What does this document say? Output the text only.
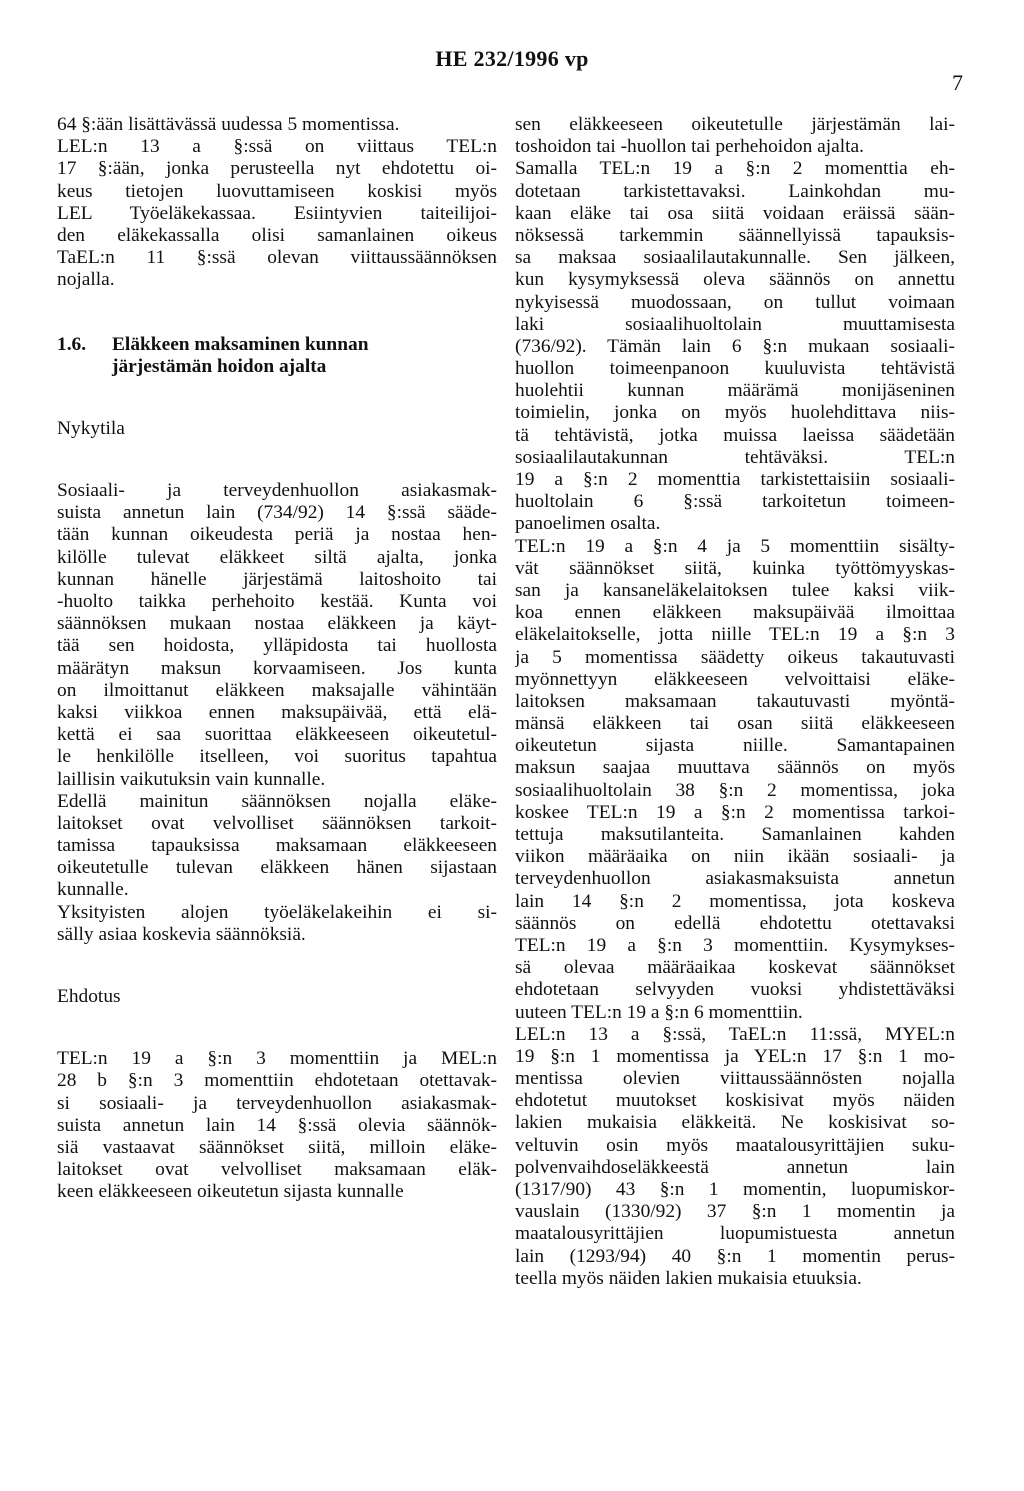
HE 232/1996 vp
7
64 §:ään lisättävässä uudessa 5 momentissa.
LEL:n 13 a §:ssä on viittaus TEL:n
17 §:ään, jonka perusteella nyt ehdotettu oi-
keus tietojen luovuttamiseen koskisi myös
LEL Työeläkekassaa. Esiintyvien taiteilijoi-
den eläkekassalla olisi samanlainen oikeus
TaEL:n 11 §:ssä olevan viittaussäännöksen
nojalla.
1.6. Eläkkeen maksaminen kunnan
järjestämän hoidon ajalta
Nykytila
Sosiaali- ja terveydenhuollon asiakasmak-
suista annetun lain (734/92) 14 §:ssä sääde-
tään kunnan oikeudesta periä ja nostaa hen-
kilölle tulevat eläkkeet siltä ajalta, jonka
kunnan hänelle järjestämä laitoshoito tai
-huolto taikka perhehoito kestää. Kunta voi
säännöksen mukaan nostaa eläkkeen ja käyt-
tää sen hoidosta, ylläpidosta tai huollosta
määrätyn maksun korvaamiseen. Jos kunta
on ilmoittanut eläkkeen maksajalle vähintään
kaksi viikkoa ennen maksupäivää, että elä-
kettä ei saa suorittaa eläkkeeseen oikeutetul-
le henkilölle itselleen, voi suoritus tapahtua
laillisin vaikutuksin vain kunnalle.
Edellä mainitun säännöksen nojalla eläke-
laitokset ovat velvolliset säännöksen tarkoit-
tamissa tapauksissa maksamaan eläkkeeseen
oikeutetulle tulevan eläkkeen hänen sijastaan
kunnalle.
Yksityisten alojen työeläkelakeihin ei si-
sälly asiaa koskevia säännöksiä.
Ehdotus
TEL:n 19 a §:n 3 momenttiin ja MEL:n
28 b §:n 3 momenttiin ehdotetaan otettavak-
si sosiaali- ja terveydenhuollon asiakasmak-
suista annetun lain 14 §:ssä olevia säännök-
siä vastaavat säännökset siitä, milloin eläke-
laitokset ovat velvolliset maksamaan eläk-
keen eläkkeeseen oikeutetun sijasta kunnalle
sen eläkkeeseen oikeutetulle järjestämän lai-
toshoidon tai -huollon tai perhehoidon ajalta.
Samalla TEL:n 19 a §:n 2 momenttia eh-
dotetaan tarkistettavaksi. Lainkohdan mu-
kaan eläke tai osa siitä voidaan eräissä sään-
nöksessä tarkemmin säännellyissä tapauksis-
sa maksaa sosiaalilautakunnalle. Sen jälkeen,
kun kysymyksessä oleva säännös on annettu
nykyisessä muodossaan, on tullut voimaan
laki sosiaalihuoltolain muuttamisesta
(736/92). Tämän lain 6 §:n mukaan sosiaali-
huollon toimeenpanoon kuuluvista tehtävistä
huolehtii kunnan määrämä monijäseninen
toimielin, jonka on myös huolehdittava niis-
tä tehtävistä, jotka muissa laeissa säädetään
sosiaalilautakunnan tehtäväksi. TEL:n
19 a §:n 2 momenttia tarkistettaisiin sosiaali-
huoltolain 6 §:ssä tarkoitetun toimeen-
panoelimen osalta.
TEL:n 19 a §:n 4 ja 5 momenttiin sisälty-
vät säännökset siitä, kuinka työttömyyskas-
san ja kansaneläkelaitoksen tulee kaksi viik-
koa ennen eläkkeen maksupäivää ilmoittaa
eläkelaitokselle, jotta niille TEL:n 19 a §:n 3
ja 5 momentissa säädetty oikeus takautuvasti
myönnettyyn eläkkeeseen velvoittaisi eläke-
laitoksen maksamaan takautuvasti myöntä-
mänsä eläkkeen tai osan siitä eläkkeeseen
oikeutetun sijasta niille. Samantapainen
maksun saajaa muuttava säännös on myös
sosiaalihuoltolain 38 §:n 2 momentissa, joka
koskee TEL:n 19 a §:n 2 momentissa tarkoi-
tettuja maksutilanteita. Samanlainen kahden
viikon määräaika on niin ikään sosiaali- ja
terveydenhuollon asiakasmaksuista annetun
lain 14 §:n 2 momentissa, jota koskeva
säännös on edellä ehdotettu otettavaksi
TEL:n 19 a §:n 3 momenttiin. Kysymykses-
sä olevaa määräaikaa koskevat säännökset
ehdotetaan selvyyden vuoksi yhdistettäväksi
uuteen TEL:n 19 a §:n 6 momenttiin.
LEL:n 13 a §:ssä, TaEL:n 11:ssä, MYEL:n
19 §:n 1 momentissa ja YEL:n 17 §:n 1 mo-
mentissa olevien viittaussäännösten nojalla
ehdotetut muutokset koskisivat myös näiden
lakien mukaisia eläkkeitä. Ne koskisivat so-
veltuvin osin myös maatalousyrittäjien suku-
polvenvaihdoseläkkeestä annetun lain
(1317/90) 43 §:n 1 momentin, luopumiskor-
vauslain (1330/92) 37 §:n 1 momentin ja
maatalousyrittäjien luopumistuesta annetun
lain (1293/94) 40 §:n 1 momentin perus-
teella myös näiden lakien mukaisia etuuksia.
